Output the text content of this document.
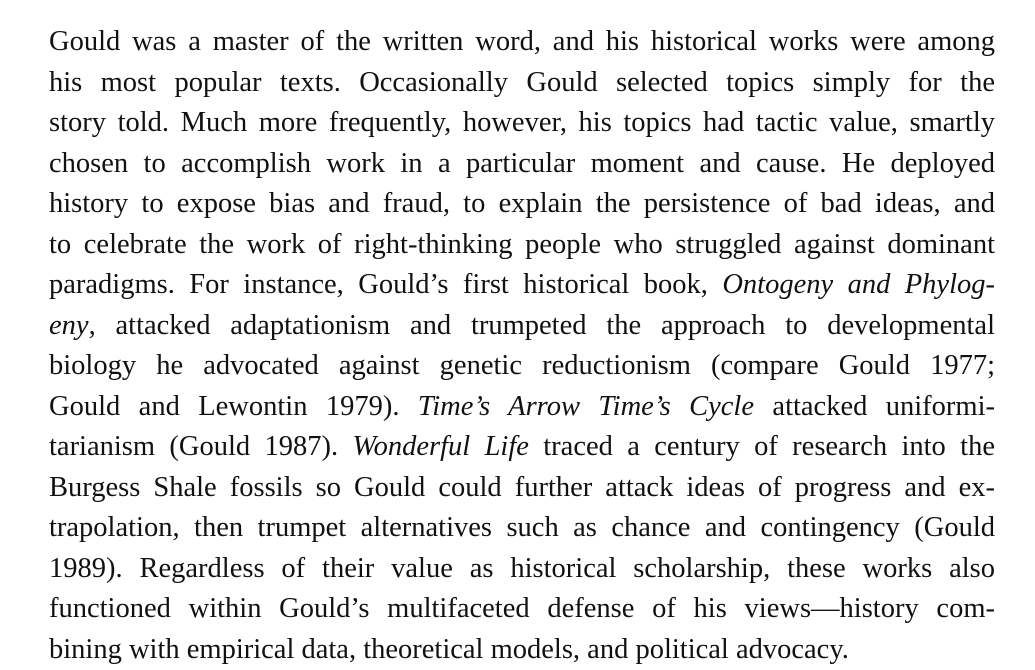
Gould was a master of the written word, and his historical works were among
his most popular texts. Occasionally Gould selected topics simply for the
story told. Much more frequently, however, his topics had tactic value, smartly
chosen to accomplish work in a particular moment and cause. He deployed
history to expose bias and fraud, to explain the persistence of bad ideas, and
to celebrate the work of right-thinking people who struggled against dominant
paradigms. For instance, Gould’s first historical book, Ontogeny and Phylog-
eny, attacked adaptationism and trumpeted the approach to developmental
biology he advocated against genetic reductionism (compare Gould 1977;
Gould and Lewontin 1979). Time’s Arrow Time’s Cycle attacked uniformi-
tarianism (Gould 1987). Wonderful Life traced a century of research into the
Burgess Shale fossils so Gould could further attack ideas of progress and ex-
trapolation, then trumpet alternatives such as chance and contingency (Gould
1989). Regardless of their value as historical scholarship, these works also
functioned within Gould’s multifaceted defense of his views—history com-
bining with empirical data, theoretical models, and political advocacy.
